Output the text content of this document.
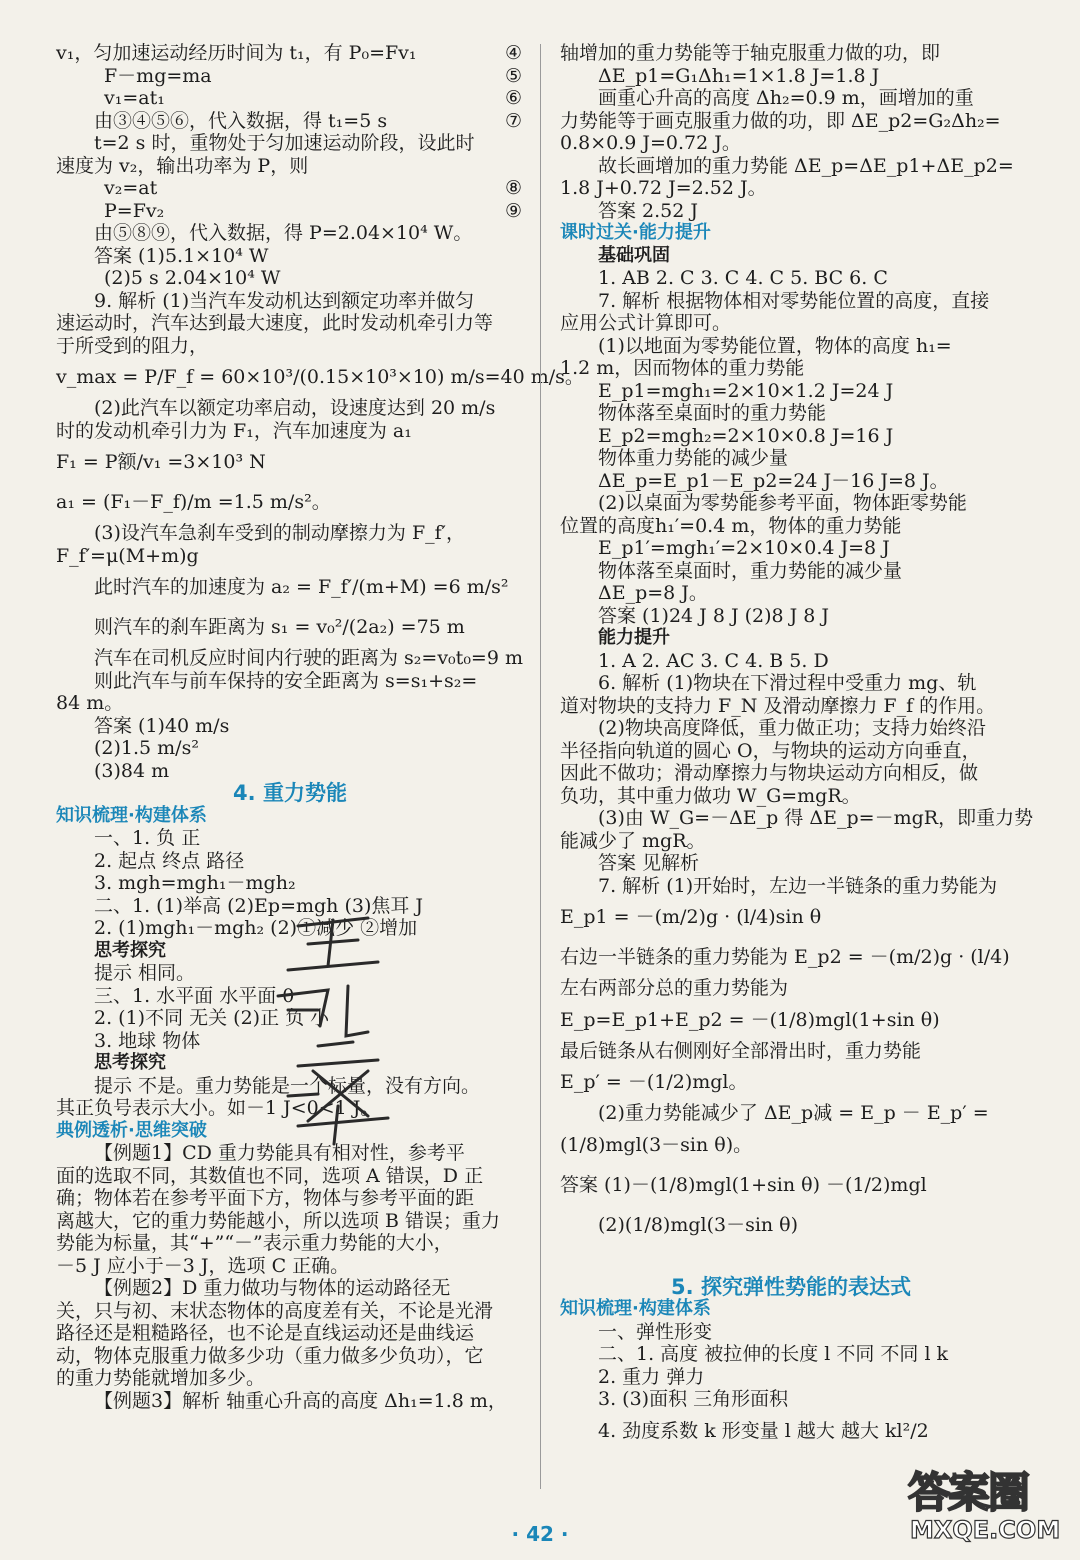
v₁，匀加速运动经历时间为 t₁，有 P₀=Fv₁	④
F－mg=ma	⑤
v₁=at₁	⑥
由③④⑤⑥，代入数据，得 t₁=5 s	⑦
t=2 s 时，重物处于匀加速运动阶段，设此时
速度为 v₂，输出功率为 P，则
v₂=at	⑧
P=Fv₂	⑨
由⑤⑧⑨，代入数据，得 P=2.04×10⁴ W。
答案 (1)5.1×10⁴ W
(2)5 s 2.04×10⁴ W
9. 解析 (1)当汽车发动机达到额定功率并做匀
速运动时，汽车达到最大速度，此时发动机牵引力等
于所受到的阻力，
v_max = P/F_f = 60×10³/(0.15×10³×10) m/s=40 m/s。
(2)此汽车以额定功率启动，设速度达到 20 m/s
时的发动机牵引力为 F₁，汽车加速度为 a₁
F₁ = P额/v₁ =3×10³ N
a₁ = (F₁－F_f)/m =1.5 m/s²。
(3)设汽车急刹车受到的制动摩擦力为 F_f′，
F_f′=μ(M+m)g
此时汽车的加速度为 a₂ = F_f′/(m+M) =6 m/s²
则汽车的刹车距离为 s₁ = v₀²/(2a₂) =75 m
汽车在司机反应时间内行驶的距离为 s₂=v₀t₀=9 m
则此汽车与前车保持的安全距离为 s=s₁+s₂=
84 m。
答案 (1)40 m/s
(2)1.5 m/s²
(3)84 m
4. 重力势能
知识梳理·构建体系
一、1. 负 正
2. 起点 终点 路径
3. mgh=mgh₁－mgh₂
二、1. (1)举高 (2)Ep=mgh (3)焦耳 J
2. (1)mgh₁－mgh₂ (2)①减少 ②增加
思考探究
提示 相同。
三、1. 水平面 水平面 0
2. (1)不同 无关 (2)正 负 小
3. 地球 物体
思考探究
提示 不是。重力势能是一个标量，没有方向。
其正负号表示大小。如－1 J<0<1 J。
典例透析·思维突破
【例题1】CD 重力势能具有相对性，参考平
面的选取不同，其数值也不同，选项 A 错误，D 正
确；物体若在参考平面下方，物体与参考平面的距
离越大，它的重力势能越小，所以选项 B 错误；重力
势能为标量，其“+”“－”表示重力势能的大小，
－5 J 应小于－3 J，选项 C 正确。
【例题2】D 重力做功与物体的运动路径无
关，只与初、末状态物体的高度差有关，不论是光滑
路径还是粗糙路径，也不论是直线运动还是曲线运
动，物体克服重力做多少功（重力做多少负功），它
的重力势能就增加多少。
【例题3】解析 轴重心升高的高度 Δh₁=1.8 m，
轴增加的重力势能等于轴克服重力做的功，即
ΔE_p1=G₁Δh₁=1×1.8 J=1.8 J
画重心升高的高度 Δh₂=0.9 m，画增加的重
力势能等于画克服重力做的功，即 ΔE_p2=G₂Δh₂=
0.8×0.9 J=0.72 J。
故长画增加的重力势能 ΔE_p=ΔE_p1+ΔE_p2=
1.8 J+0.72 J=2.52 J。
答案 2.52 J
课时过关·能力提升
基础巩固
1. AB 2. C 3. C 4. C 5. BC 6. C
7. 解析 根据物体相对零势能位置的高度，直接
应用公式计算即可。
(1)以地面为零势能位置，物体的高度 h₁=
1.2 m，因而物体的重力势能
E_p1=mgh₁=2×10×1.2 J=24 J
物体落至桌面时的重力势能
E_p2=mgh₂=2×10×0.8 J=16 J
物体重力势能的减少量
ΔE_p=E_p1－E_p2=24 J－16 J=8 J。
(2)以桌面为零势能参考平面，物体距零势能
位置的高度h₁′=0.4 m，物体的重力势能
E_p1′=mgh₁′=2×10×0.4 J=8 J
物体落至桌面时，重力势能的减少量
ΔE_p=8 J。
答案 (1)24 J 8 J (2)8 J 8 J
能力提升
1. A 2. AC 3. C 4. B 5. D
6. 解析 (1)物块在下滑过程中受重力 mg、轨
道对物块的支持力 F_N 及滑动摩擦力 F_f 的作用。
(2)物块高度降低，重力做正功；支持力始终沿
半径指向轨道的圆心 O，与物块的运动方向垂直，
因此不做功；滑动摩擦力与物块运动方向相反，做
负功，其中重力做功 W_G=mgR。
(3)由 W_G=－ΔE_p 得 ΔE_p=－mgR，即重力势
能减少了 mgR。
答案 见解析
7. 解析 (1)开始时，左边一半链条的重力势能为
E_p1 = －(m/2)g · (l/4)sin θ
右边一半链条的重力势能为 E_p2 = －(m/2)g · (l/4)
左右两部分总的重力势能为
E_p=E_p1+E_p2 = －(1/8)mgl(1+sin θ)
最后链条从右侧刚好全部滑出时，重力势能
E_p′ = －(1/2)mgl。
(2)重力势能减少了 ΔE_p减 = E_p － E_p′ =
(1/8)mgl(3－sin θ)。
答案 (1)－(1/8)mgl(1+sin θ) －(1/2)mgl
(2)(1/8)mgl(3－sin θ)
5. 探究弹性势能的表达式
知识梳理·构建体系
一、弹性形变
二、1. 高度 被拉伸的长度 l 不同 不同 l k
2. 重力 弹力
3. (3)面积 三角形面积
4. 劲度系数 k 形变量 l 越大 越大 kl²/2
答案圈
MXQE.COM
· 42 ·
